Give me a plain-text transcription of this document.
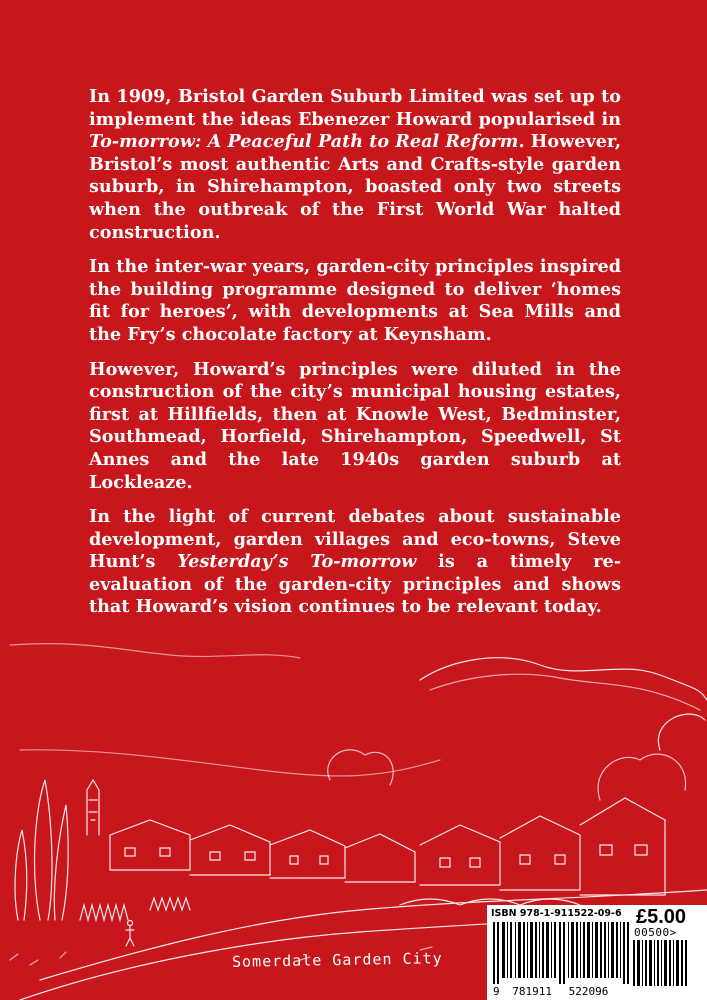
In 1909, Bristol Garden Suburb Limited was set up to implement the ideas Ebenezer Howard popularised in To-morrow: A Peaceful Path to Real Reform. However, Bristol’s most authentic Arts and Crafts-style garden suburb, in Shirehampton, boasted only two streets when the outbreak of the First World War halted construction.

In the inter-war years, garden-city principles inspired the building programme designed to deliver ‘homes fit for heroes’, with developments at Sea Mills and the Fry’s chocolate factory at Keynsham.

However, Howard’s principles were diluted in the construction of the city’s municipal housing estates, first at Hillfields, then at Knowle West, Bedminster, Southmead, Horfield, Shirehampton, Speedwell, St Annes and the late 1940s garden suburb at Lockleaze.

In the light of current debates about sustainable development, garden villages and eco-towns, Steve Hunt’s Yesterday’s To-morrow is a timely re-evaluation of the garden-city principles and shows that Howard’s vision continues to be relevant today.

Somerdale Garden City
ISBN 978-1-911522-09-6 £5.00
00500>
9 781911 522096
